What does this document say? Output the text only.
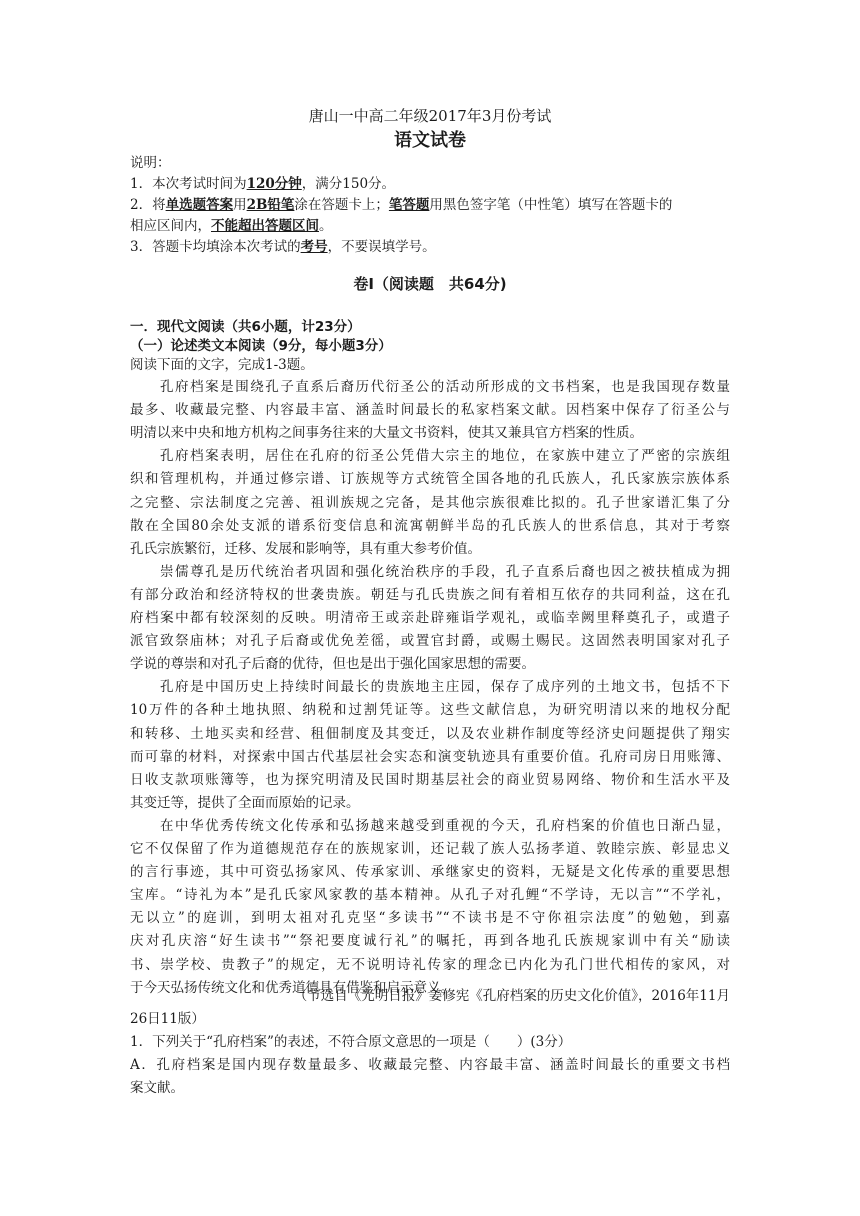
唐山一中高二年级2017年3月份考试
语文试卷
说明：
1．本次考试时间为120分钟，满分150分。
2．将单选题答案用2B铅笔涂在答题卡上；笔答题用黑色签字笔（中性笔）填写在答题卡的
相应区间内，不能超出答题区间。
3．答题卡均填涂本次考试的考号，不要误填学号。
卷Ⅰ（阅读题　共64分)
一．现代文阅读（共6小题，计23分）
（一）论述类文本阅读（9分，每小题3分）
阅读下面的文字，完成1-3题。
孔府档案是围绕孔子直系后裔历代衍圣公的活动所形成的文书档案，也是我国现存数量
最多、收藏最完整、内容最丰富、涵盖时间最长的私家档案文献。因档案中保存了衍圣公与
明清以来中央和地方机构之间事务往来的大量文书资料，使其又兼具官方档案的性质。
孔府档案表明，居住在孔府的衍圣公凭借大宗主的地位，在家族中建立了严密的宗族组
织和管理机构，并通过修宗谱、订族规等方式统管全国各地的孔氏族人，孔氏家族宗族体系
之完整、宗法制度之完善、祖训族规之完备，是其他宗族很难比拟的。孔子世家谱汇集了分
散在全国80余处支派的谱系衍变信息和流寓朝鲜半岛的孔氏族人的世系信息，其对于考察
孔氏宗族繁衍，迁移、发展和影响等，具有重大参考价值。
崇儒尊孔是历代统治者巩固和强化统治秩序的手段，孔子直系后裔也因之被扶植成为拥
有部分政治和经济特权的世袭贵族。朝廷与孔氏贵族之间有着相互依存的共同利益，这在孔
府档案中都有较深刻的反映。明清帝王或亲赴辟雍诣学观礼，或临幸阙里释奠孔子，或遣子
派官致祭庙林；对孔子后裔或优免差徭，或置官封爵，或赐土赐民。这固然表明国家对孔子
学说的尊崇和对孔子后裔的优待，但也是出于强化国家思想的需要。
孔府是中国历史上持续时间最长的贵族地主庄园，保存了成序列的土地文书，包括不下
10万件的各种土地执照、纳税和过割凭证等。这些文献信息，为研究明清以来的地权分配
和转移、土地买卖和经营、租佃制度及其变迁，以及农业耕作制度等经济史问题提供了翔实
而可靠的材料，对探索中国古代基层社会实态和演变轨迹具有重要价值。孔府司房日用账簿、
日收支款项账簿等，也为探究明清及民国时期基层社会的商业贸易网络、物价和生活水平及
其变迁等，提供了全面而原始的记录。
在中华优秀传统文化传承和弘扬越来越受到重视的今天，孔府档案的价值也日渐凸显，
它不仅保留了作为道德规范存在的族规家训，还记载了族人弘扬孝道、敦睦宗族、彰显忠义
的言行事迹，其中可资弘扬家风、传承家训、承继家史的资料，无疑是文化传承的重要思想
宝库。“诗礼为本”是孔氏家风家教的基本精神。从孔子对孔鲤“不学诗，无以言”“不学礼，
无以立”的庭训，到明太祖对孔克坚“多读书”“不读书是不守你祖宗法度”的勉勉，到嘉
庆对孔庆溶“好生读书”“祭祀要度诚行礼”的嘱托，再到各地孔氏族规家训中有关“励读
书、崇学校、贵教子”的规定，无不说明诗礼传家的理念已内化为孔门世代相传的家风，对
于今天弘扬传统文化和优秀道德具有借鉴和启示意义。
（节选自《光明日报》姜修宪《孔府档案的历史文化价值》，2016年11月
26日11版）
1．下列关于“孔府档案”的表述，不符合原文意思的一项是（　　）(3分）
A．孔府档案是国内现存数量最多、收藏最完整、内容最丰富、涵盖时间最长的重要文书档
案文献。
